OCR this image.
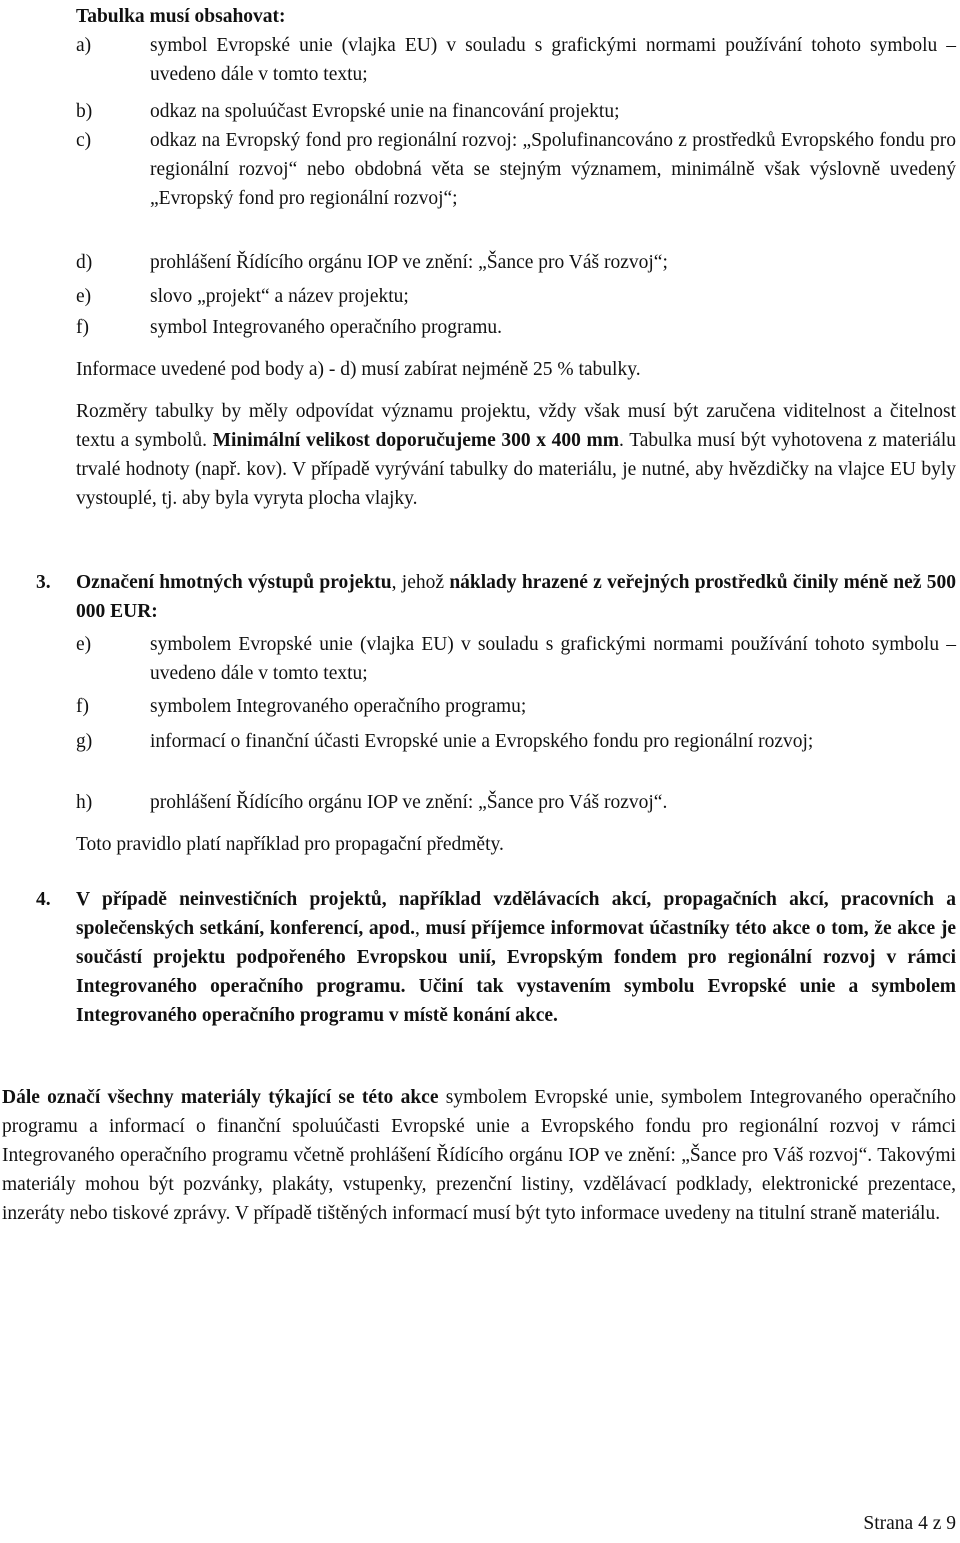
Tabulka musí obsahovat:
a)	symbol Evropské unie (vlajka EU) v souladu s grafickými normami používání tohoto symbolu – uvedeno dále v tomto textu;
b)	odkaz na spoluúčast Evropské unie na financování projektu;
c)	odkaz na Evropský fond pro regionální rozvoj: „Spolufinancováno z prostředků Evropského fondu pro regionální rozvoj“ nebo obdobná věta se stejným významem, minimálně však výslovně uvedený „Evropský fond pro regionální rozvoj“;
d)	prohlášení Řídícího orgánu IOP ve znění: „Šance pro Váš rozvoj“;
e)	slovo „projekt“ a název projektu;
f)	symbol Integrovaného operačního programu.
Informace uvedené pod body a) - d) musí zabírat nejméně 25 % tabulky.
Rozměry tabulky by měly odpovídat významu projektu, vždy však musí být zaručena viditelnost a čitelnost textu a symbolů. Minimální velikost doporučujeme 300 x 400 mm. Tabulka musí být vyhotovena z materiálu trvalé hodnoty (např. kov). V případě vyrývání tabulky do materiálu, je nutné, aby hvězdičky na vlajce EU byly vystouplé, tj. aby byla vyryta plocha vlajky.
3. Označení hmotných výstupů projektu, jehož náklady hrazené z veřejných prostředků činily méně než 500 000 EUR:
e)	symbolem Evropské unie (vlajka EU) v souladu s grafickými normami používání tohoto symbolu – uvedeno dále v tomto textu;
f)	symbolem Integrovaného operačního programu;
g)	informací o finanční účasti Evropské unie a Evropského fondu pro regionální rozvoj;
h)	prohlášení Řídícího orgánu IOP ve znění: „Šance pro Váš rozvoj“.
Toto pravidlo platí například pro propagační předměty.
4. V případě neinvestičních projektů, například vzdělávacích akcí, propagačních akcí, pracovních a společenských setkání, konferencí, apod., musí příjemce informovat účastníky této akce o tom, že akce je součástí projektu podpořeného Evropskou unií, Evropským fondem pro regionální rozvoj v rámci Integrovaného operačního programu. Učiní tak vystavením symbolu Evropské unie a symbolem Integrovaného operačního programu v místě konání akce.
Dále označí všechny materiály týkající se této akce symbolem Evropské unie, symbolem Integrovaného operačního programu a informací o finanční spoluúčasti Evropské unie a Evropského fondu pro regionální rozvoj v rámci Integrovaného operačního programu včetně prohlášení Řídícího orgánu IOP ve znění: „Šance pro Váš rozvoj“. Takovými materiály mohou být pozvánky, plakáty, vstupenky, prezenční listiny, vzdělávací podklady, elektronické prezentace, inzeráty nebo tiskové zprávy. V případě tištěných informací musí být tyto informace uvedeny na titulní straně materiálu.
Strana 4 z 9
